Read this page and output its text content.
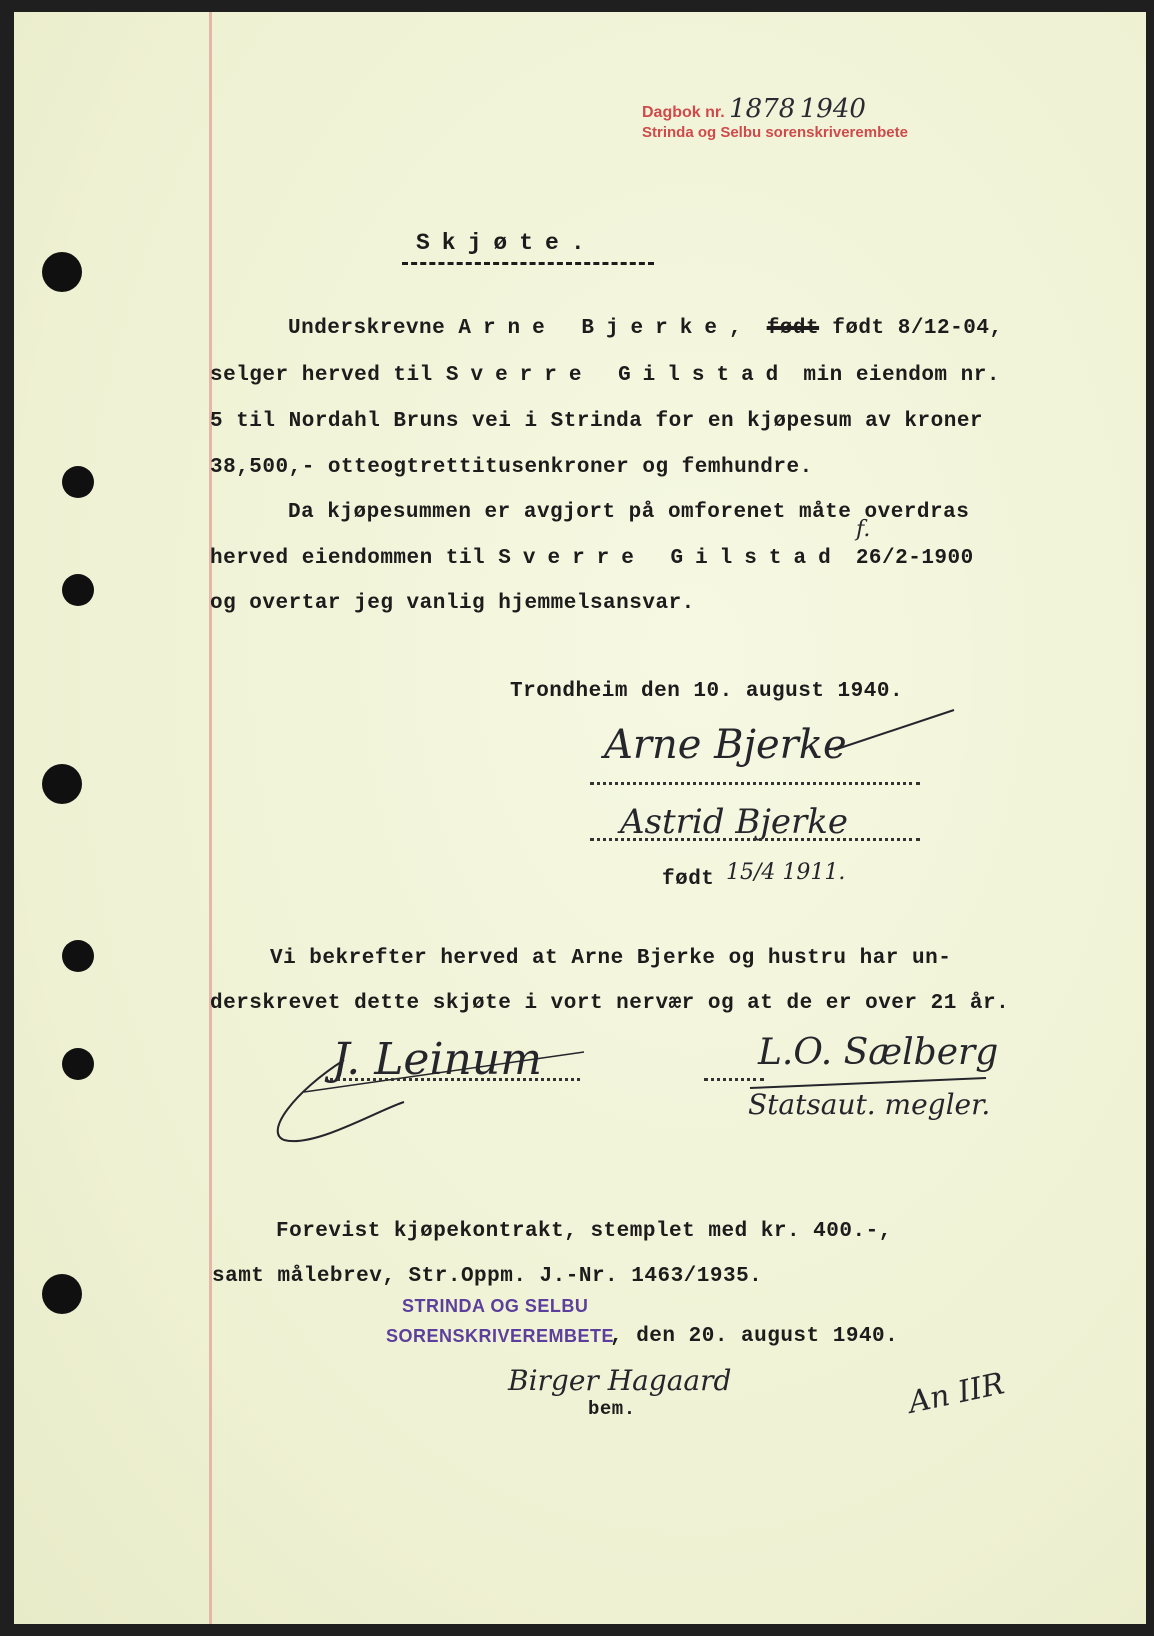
Dagbok nr. 1878 1940
Strinda og Selbu sorenskriverembete
Skjøte.
Underskrevne Arne Bjerke, født født 8/12-04,
selger herved til Sverre Gilstad min eiendom nr.
5 til Nordahl Bruns vei i Strinda for en kjøpesum av kroner
38,500,- otteogtrettitusenkroner og femhundre.
Da kjøpesummen er avgjort på omforenet måte overdras
herved eiendommen til Sverre Gilstad 26/2-1900
f.
og overtar jeg vanlig hjemmelsansvar.
Trondheim den 10. august 1940.
Arne Bjerke
Astrid Bjerke
født 15/4 1911.
Vi bekrefter herved at Arne Bjerke og hustru har un-
derskrevet dette skjøte i vort nervær og at de er over 21 år.
J. Leinum	L.O. Sælberg
Statsaut. megler.
Forevist kjøpekontrakt, stemplet med kr. 400.-,
samt målebrev, Str.Oppm. J.-Nr. 1463/1935.
STRINDA OG SELBU
SORENSKRIVEREMBETE
, den 20. august 1940.
Birger Hagaard
bem.	An IIR
